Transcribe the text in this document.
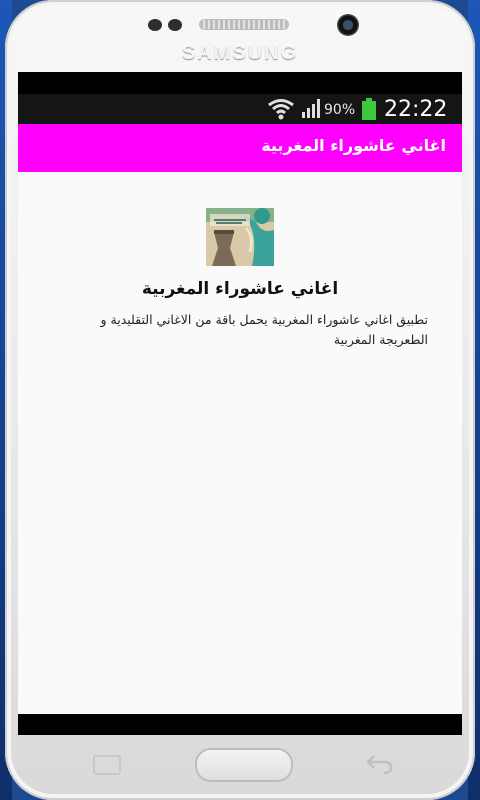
SAMSUNG
90% 22:22
اغاني عاشوراء المغربية
اغاني عاشوراء المغربية
تطبيق اغاني عاشوراء المغربية يحمل باقة من الاغاني التقليدية و الطعريجة المغربية
